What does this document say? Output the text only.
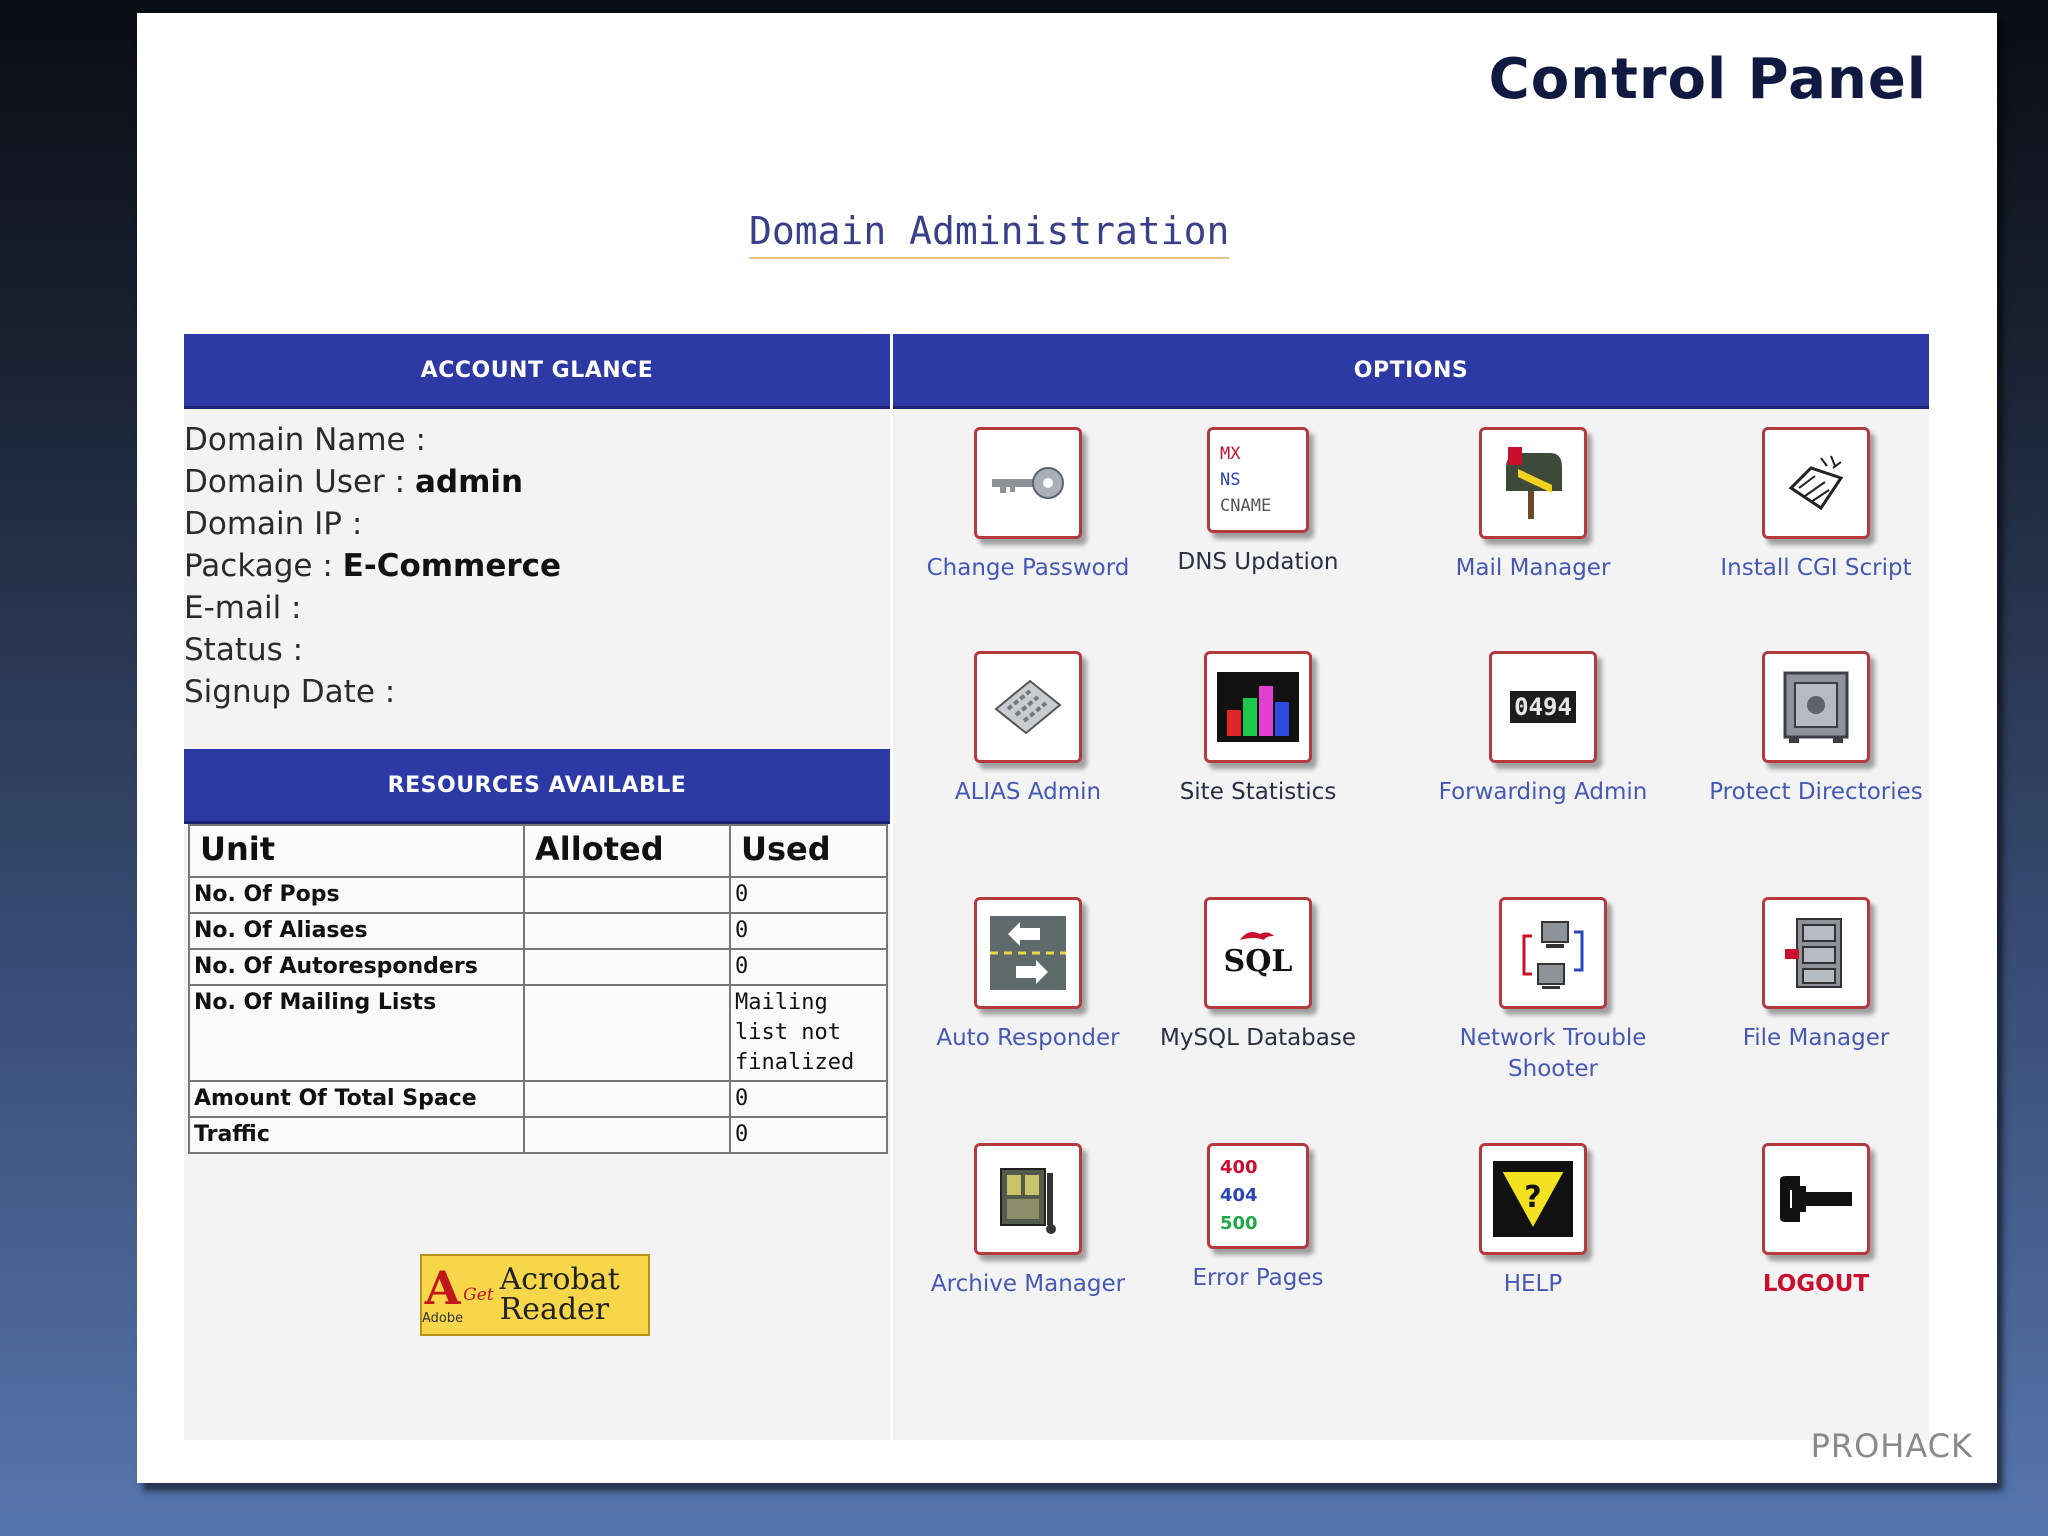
Control Panel
Domain Administration
ACCOUNT GLANCE
Domain Name :
Domain User : admin
Domain IP :
Package : E-Commerce
E-mail :
Status :
Signup Date :
RESOURCES AVAILABLE
Unit	Alloted	Used
No. Of Pops		0
No. Of Aliases		0
No. Of Autoresponders		0
No. Of Mailing Lists		Mailing list not finalized
Amount Of Total Space		0
Traffic		0
A
Adobe
Get Acrobat Reader
OPTIONS
Change Password
MX
NS
CNAME
DNS Updation	Mail Manager	Install CGI Script
ALIAS Admin	Site Statistics
0494
Forwarding Admin	Protect Directories
Auto Responder
SQL
MySQL Database	Network Trouble Shooter
File Manager
Archive Manager
400
404
500
Error Pages
?
HELP	LOGOUT

PROHACK
